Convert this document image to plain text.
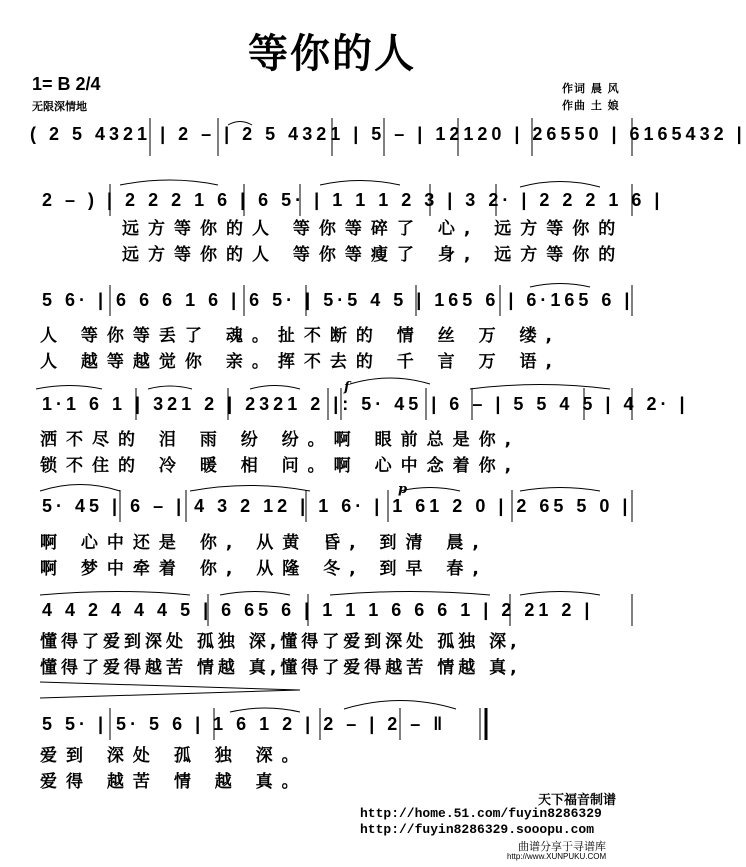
等你的人
1= B 2/4
无限深情地
作词 晨 风
作曲 土 娘
( 2 5 4321 | 2 – | 2 5 4321 | 5 – | 12120 | 26550 | 6165432 |
2 – ) | 2 2 2 1 6 | 6 5· | 1 1 1 2 3 | 3 2· | 2 2 2 1 6 |
远方等你的人 等你等碎了 心, 远方等你的
远方等你的人 等你等瘦了 身, 远方等你的
5 6· | 6 6 6 1 6 | 6 5· | 5·5 4 5 | 165 6 | 6·165 6 |
人 等你等丢了 魂。扯不断的 情 丝 万 缕,
人 越等越觉你 亲。挥不去的 千 言 万 语,
1·1 6 1 | 321 2 | 2321 2 |: 5· 45 | 6 – | 5 5 4 5 | 4 2· |
洒不尽的 泪 雨 纷 纷。啊 眼前总是你,
锁不住的 冷 暖 相 问。啊 心中念着你,
f
5· 45 | 6 – | 4 3 2 12 | 1 6· | 1 61 2 0 | 2 65 5 0 |
啊 心中还是 你, 从黄 昏, 到清 晨,
啊 梦中牵着 你, 从隆 冬, 到早 春,
p
4 4 2 4 4 4 5 | 6 65 6 | 1 1 1 6 6 6 1 | 2 21 2 |
懂得了爱到深处 孤独 深,懂得了爱到深处 孤独 深,
懂得了爱得越苦 情越 真,懂得了爱得越苦 情越 真,
5 5· | 5· 5 6 | 1 6 1 2 | 2 – | 2 – ‖
爱到 深处 孤 独 深。
爱得 越苦 情 越 真。
天下福音制谱
http://home.51.com/fuyin8286329
http://fuyin8286329.sooopu.com
曲谱分享于寻谱库
http://www.XUNPUKU.COM
